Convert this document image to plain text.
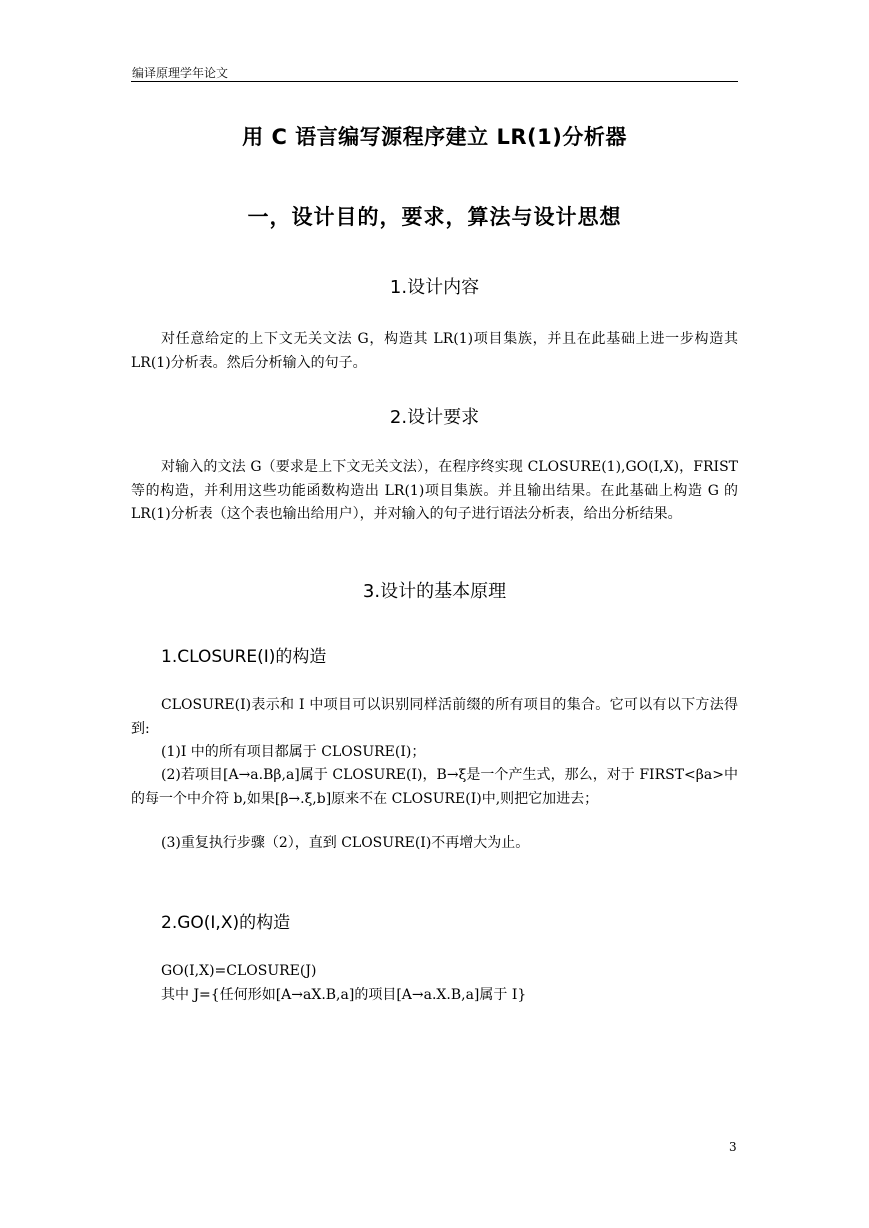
编译原理学年论文
用 C 语言编写源程序建立 LR(1)分析器
一，设计目的，要求，算法与设计思想
1.设计内容

对任意给定的上下文无关文法 G，构造其 LR(1)项目集族，并且在此基础上进一步构造其 LR(1)分析表。然后分析输入的句子。

2.设计要求

对输入的文法 G（要求是上下文无关文法），在程序终实现 CLOSURE(1),GO(I,X)，FRIST 等的构造，并利用这些功能函数构造出 LR(1)项目集族。并且输出结果。在此基础上构造 G 的 LR(1)分析表（这个表也输出给用户），并对输入的句子进行语法分析表，给出分析结果。

3.设计的基本原理
1.CLOSURE(I)的构造

CLOSURE(I)表示和 I 中项目可以识别同样活前缀的所有项目的集合。它可以有以下方法得到:

(1)I 中的所有项目都属于 CLOSURE(I)；

(2)若项目[A→a.Bβ,a]属于 CLOSURE(I)，B→ξ是一个产生式，那么，对于 FIRST<βa>中的每一个中介符 b,如果[β→.ξ,b]原来不在 CLOSURE(I)中,则把它加进去；

(3)重复执行步骤（2），直到 CLOSURE(I)不再增大为止。
2.GO(I,X)的构造
GO(I,X)=CLOSURE(J)
其中 J={任何形如[A→aX.B,a]的项目[A→a.X.B,a]属于 I}
3
